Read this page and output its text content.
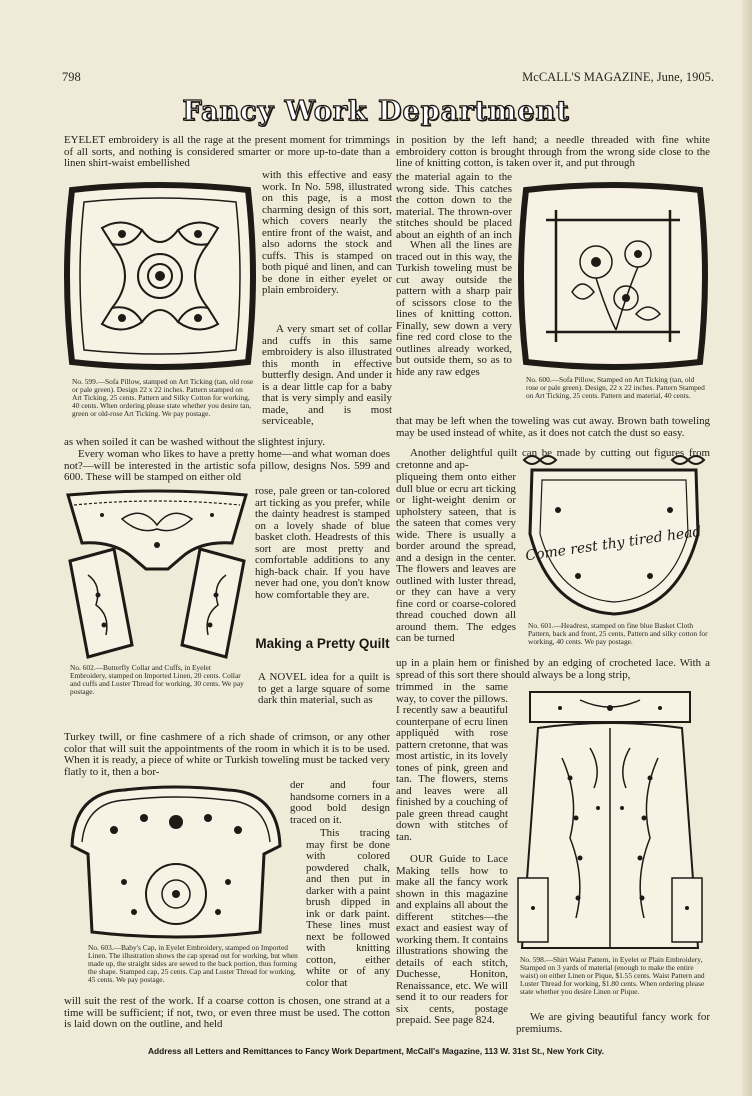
798	McCALL'S MAGAZINE, June, 1905.
Fancy Work Department

EYELET embroidery is all the rage at the present moment for trimmings of all sorts, and nothing is considered smarter or more up-to-date than a linen shirt-waist embellished

No. 599.—Sofa Pillow, stamped on Art Ticking (tan, old rose or pale green). Design 22 x 22 inches. Pattern stamped on Art Ticking, 25 cents. Pattern and Silky Cotton for working, 40 cents. When ordering please state whether you desire tan, green or old-rose Art Ticking. We pay postage.

with this effective and easy work. In No. 598, illustrated on this page, is a most charming design of this sort, which covers nearly the entire front of the waist, and also adorns the stock and cuffs. This is stamped on both piqué and linen, and can be done in either eyelet or plain embroidery.

A very smart set of collar and cuffs in this same embroidery is also illustrated this month in effective butterfly design. And under it is a dear little cap for a baby that is very simply and easily made, and is most serviceable,

as when soiled it can be washed without the slightest injury.

Every woman who likes to have a pretty home—and what woman does not?—will be interested in the artistic sofa pillow, designs Nos. 599 and 600. These will be stamped on either old

No. 602.—Butterfly Collar and Cuffs, in Eyelet Embroidery, stamped on Imported Linen, 20 cents. Collar and cuffs and Luster Thread for working, 30 cents. We pay postage.

rose, pale green or tan-colored art ticking as you prefer, while the dainty headrest is stamped on a lovely shade of blue basket cloth. Headrests of this sort are most pretty and comfortable additions to any high-back chair. If you have never had one, you don't know how comfortable they are.

Making a Pretty Quilt

A NOVEL idea for a quilt is to get a large square of some dark thin material, such as

Turkey twill, or fine cashmere of a rich shade of crimson, or any other color that will suit the appointments of the room in which it is to be used. When it is ready, a piece of white or Turkish toweling must be tacked very flatly to it, then a bor-

No. 603.—Baby's Cap, in Eyelet Embroidery, stamped on Imported Linen. The illustration shows the cap spread out for working, but when made up, the straight sides are sewed to the back portion, thus forming the shape. Stamped cap, 25 cents. Cap and Luster Thread for working, 45 cents. We pay postage.

der and four handsome corners in a good bold design traced on it.

This tracing may first be done with colored powdered chalk, and then put in darker with a paint brush dipped in ink or dark paint. These lines must next be followed with knitting cotton, either white or of any color that

will suit the rest of the work. If a coarse cotton is chosen, one strand at a time will be sufficient; if not, two, or even three must be used. The cotton is laid down on the outline, and held

in position by the left hand; a needle threaded with fine white embroidery cotton is brought through from the wrong side close to the line of knitting cotton, is taken over it, and put through

the material again to the wrong side. This catches the cotton down to the material. The thrown-over stitches should be placed about an eighth of an inch

When all the lines are traced out in this way, the Turkish toweling must be cut away outside the pattern with a sharp pair of scissors close to the lines of knitting cotton. Finally, sew down a very fine red cord close to the outlines already worked, but outside them, so as to hide any raw edges

No. 600.—Sofa Pillow, Stamped on Art Ticking (tan, old rose or pale green). Design, 22 x 22 inches. Pattern Stamped on Art Ticking, 25 cents. Pattern and material, 40 cents.

that may be left when the toweling was cut away. Brown bath toweling may be used instead of white, as it does not catch the dust so easy.

Another delightful quilt can be made by cutting out figures from cretonne and ap-

pliqueing them onto either dull blue or ecru art ticking or light-weight denim or upholstery sateen, that is the sateen that comes very wide. There is usually a border around the spread, and a design in the center. The flowers and leaves are outlined with luster thread, or they can have a very fine cord or coarse-colored thread couched down all around them. The edges can be turned

Come rest thy tired head
No. 601.—Headrest, stamped on fine blue Basket Cloth Pattern, back and front, 25 cents, Pattern and silky cotton for working, 40 cents. We pay postage.

up in a plain hem or finished by an edging of crocheted lace. With a spread of this sort there should always be a long strip,

No. 598.—Shirt Waist Pattern, in Eyelet or Plain Embroidery, Stamped on 3 yards of material (enough to make the entire waist) on either Linen or Pique, $1.55 cents. Waist Pattern and Luster Thread for working, $1.80 cents. When ordering please state whether you desire Linen or Pique.

trimmed in the same way, to cover the pillows. I recently saw a beautiful counterpane of ecru linen appliquéd with rose pattern cretonne, that was most artistic, in its lovely tones of pink, green and tan. The flowers, stems and leaves were all finished by a couching of pale green thread caught down with stitches of tan.

OUR Guide to Lace Making tells how to make all the fancy work shown in this magazine and explains all about the different stitches—the exact and easiest way of working them. It contains illustrations showing the details of each stitch, Duchesse, Honiton, Renaissance, etc. We will send it to our readers for six cents, postage prepaid. See page 824.	We are giving beautiful fancy work for premiums.

Address all Letters and Remittances to Fancy Work Department, McCall's Magazine, 113 W. 31st St., New York City.
